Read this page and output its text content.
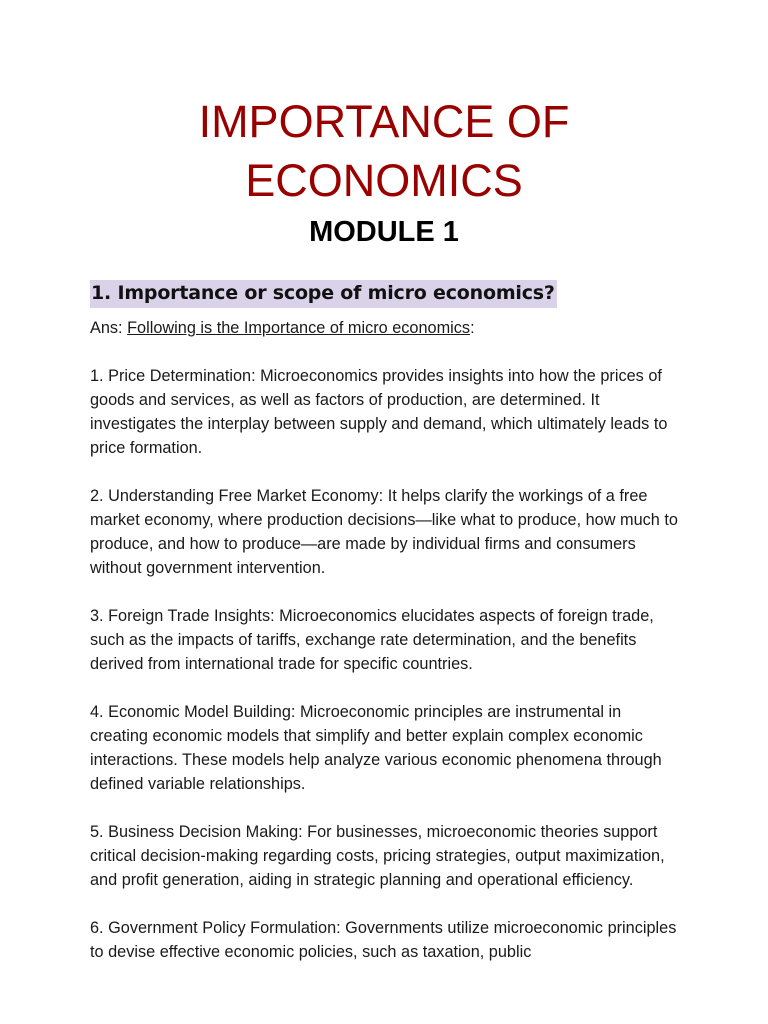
IMPORTANCE OF
ECONOMICS
MODULE 1
1. Importance or scope of micro economics?

Ans: Following is the Importance of micro economics:

1. Price Determination: Microeconomics provides insights into how the prices of goods and services, as well as factors of production, are determined. It investigates the interplay between supply and demand, which ultimately leads to price formation.

2. Understanding Free Market Economy: It helps clarify the workings of a free market economy, where production decisions—like what to produce, how much to produce, and how to produce—are made by individual firms and consumers without government intervention.

3. Foreign Trade Insights: Microeconomics elucidates aspects of foreign trade, such as the impacts of tariffs, exchange rate determination, and the benefits derived from international trade for specific countries.

4. Economic Model Building: Microeconomic principles are instrumental in creating economic models that simplify and better explain complex economic interactions. These models help analyze various economic phenomena through defined variable relationships.

5. Business Decision Making: For businesses, microeconomic theories support critical decision-making regarding costs, pricing strategies, output maximization, and profit generation, aiding in strategic planning and operational efficiency.

6. Government Policy Formulation: Governments utilize microeconomic principles to devise effective economic policies, such as taxation, public
